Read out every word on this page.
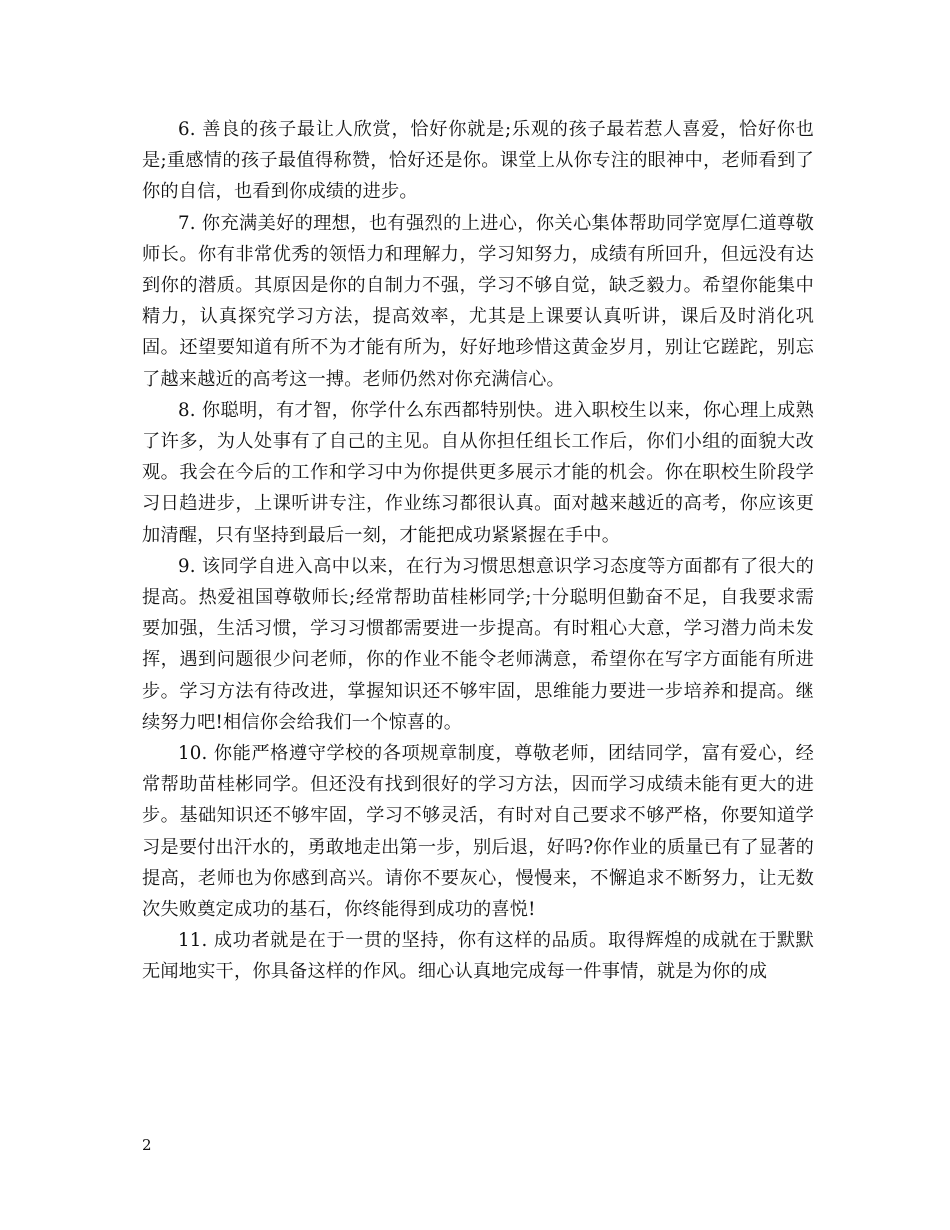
6. 善良的孩子最让人欣赏，恰好你就是;乐观的孩子最若惹人喜爱，恰好你也是;重感情的孩子最值得称赞，恰好还是你。课堂上从你专注的眼神中，老师看到了你的自信，也看到你成绩的进步。

7. 你充满美好的理想，也有强烈的上进心，你关心集体帮助同学宽厚仁道尊敬师长。你有非常优秀的领悟力和理解力，学习知努力，成绩有所回升，但远没有达到你的潜质。其原因是你的自制力不强，学习不够自觉，缺乏毅力。希望你能集中精力，认真探究学习方法，提高效率，尤其是上课要认真听讲，课后及时消化巩固。还望要知道有所不为才能有所为，好好地珍惜这黄金岁月，别让它蹉跎，别忘了越来越近的高考这一搏。老师仍然对你充满信心。

8. 你聪明，有才智，你学什么东西都特别快。进入职校生以来，你心理上成熟了许多，为人处事有了自己的主见。自从你担任组长工作后，你们小组的面貌大改观。我会在今后的工作和学习中为你提供更多展示才能的机会。你在职校生阶段学习日趋进步，上课听讲专注，作业练习都很认真。面对越来越近的高考，你应该更加清醒，只有坚持到最后一刻，才能把成功紧紧握在手中。

9. 该同学自进入高中以来，在行为习惯思想意识学习态度等方面都有了很大的提高。热爱祖国尊敬师长;经常帮助苗桂彬同学;十分聪明但勤奋不足，自我要求需要加强，生活习惯，学习习惯都需要进一步提高。有时粗心大意，学习潜力尚未发挥，遇到问题很少问老师，你的作业不能令老师满意，希望你在写字方面能有所进步。学习方法有待改进，掌握知识还不够牢固，思维能力要进一步培养和提高。继续努力吧!相信你会给我们一个惊喜的。

10. 你能严格遵守学校的各项规章制度，尊敬老师，团结同学，富有爱心，经常帮助苗桂彬同学。但还没有找到很好的学习方法，因而学习成绩未能有更大的进步。基础知识还不够牢固，学习不够灵活，有时对自己要求不够严格，你要知道学习是要付出汗水的，勇敢地走出第一步，别后退，好吗?你作业的质量已有了显著的提高，老师也为你感到高兴。请你不要灰心，慢慢来，不懈追求不断努力，让无数次失败奠定成功的基石，你终能得到成功的喜悦!

11. 成功者就是在于一贯的坚持，你有这样的品质。取得辉煌的成就在于默默无闻地实干，你具备这样的作风。细心认真地完成每一件事情，就是为你的成

2
